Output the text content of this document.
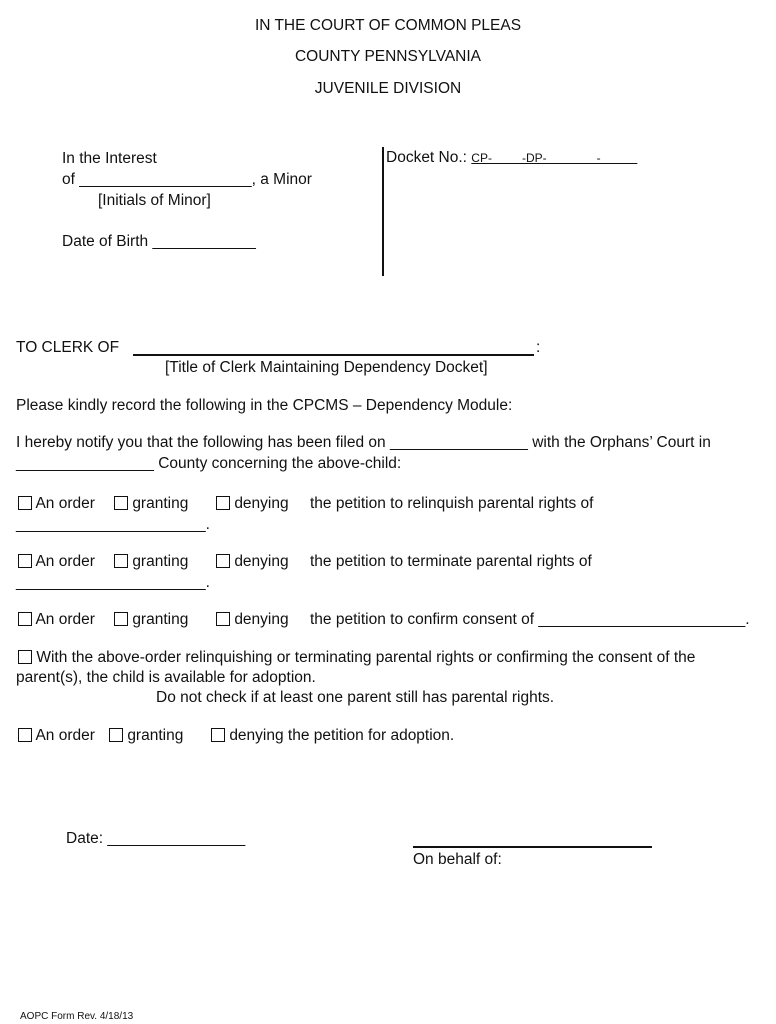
IN THE COURT OF COMMON PLEAS
COUNTY PENNSYLVANIA
JUVENILE DIVISION
In the Interest
of ____________________, a Minor
[Initials of Minor]
Date of Birth ____________
Docket No.: CP-         -DP-               -
TO CLERK OF	:
[Title of Clerk Maintaining Dependency Docket]
Please kindly record the following in the CPCMS – Dependency Module:
I hereby notify you that the following has been filed on ________________ with the Orphans’ Court in
________________ County concerning the above-child:
An order	granting	denying the petition to relinquish parental rights of
______________________.
An order	granting	denying the petition to terminate parental rights of
______________________.
An order	granting	denying the petition to confirm consent of ________________________.
With the above-order relinquishing or terminating parental rights or confirming the consent of the
parent(s), the child is available for adoption.
Do not check if at least one parent still has parental rights.
An order	granting	denying the petition for adoption.
Date: ________________
On behalf of:
AOPC Form Rev. 4/18/13
